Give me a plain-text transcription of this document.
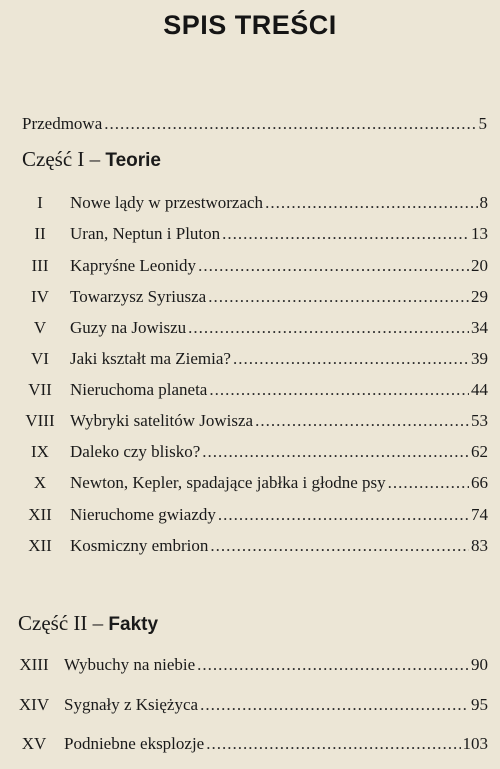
SPIS TREŚCI
Przedmowa .....	5
Część I – Teorie
I	Nowe lądy w przestworzach .....	8
II	Uran, Neptun i Pluton .....	13
III	Kapryśne Leonidy .....	20
IV	Towarzysz Syriusza .....	29
V	Guzy na Jowiszu .....	34
VI	Jaki kształt ma Ziemia? .....	39
VII	Nieruchoma planeta .....	44
VIII Wybryki satelitów Jowisza .....	53
IX	Daleko czy blisko? .....	62
X	Newton, Kepler, spadające jabłka i głodne psy .....	66
XII	Nieruchome gwiazdy .....	74
XII	Kosmiczny embrion .....	83
Część II – Fakty
XIII Wybuchy na niebie .....	90
XIV Sygnały z Księżyca .....	95
XV	Podniebne eksplozje .....	103
